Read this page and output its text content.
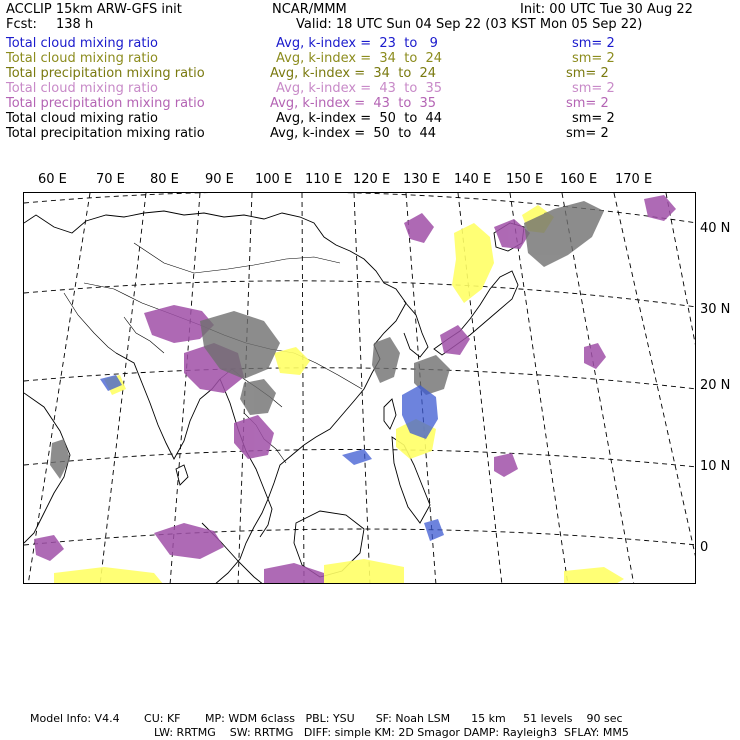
ACCLIP 15km ARW-GFS init	NCAR/MMM	Init: 00 UTC Tue 30 Aug 22
Fcst: 138 h	Valid: 18 UTC Sun 04 Sep 22 (03 KST Mon 05 Sep 22)
Total cloud mixing ratio	Avg, k-index =  23  to   9	sm= 2
Total cloud mixing ratio	Avg, k-index =  34  to  24	sm= 2
Total precipitation mixing ratio	Avg, k-index =  34  to  24	sm= 2
Total cloud mixing ratio	Avg, k-index =  43  to  35	sm= 2
Total precipitation mixing ratio	Avg, k-index =  43  to  35	sm= 2
Total cloud mixing ratio	Avg, k-index =  50  to  44	sm= 2
Total precipitation mixing ratio	Avg, k-index =  50  to  44	sm= 2
60 E 70 E 80 E 90 E 100 E 110 E 120 E 130 E 140 E 150 E 160 E 170 E
40 N
30 N
20 N
10 N
0
Model Info: V4.4       CU: KF       MP: WDM 6class   PBL: YSU      SF: Noah LSM      15 km     51 levels    90 sec
LW: RRTMG    SW: RRTMG   DIFF: simple KM: 2D Smagor DAMP: Rayleigh3  SFLAY: MM5
